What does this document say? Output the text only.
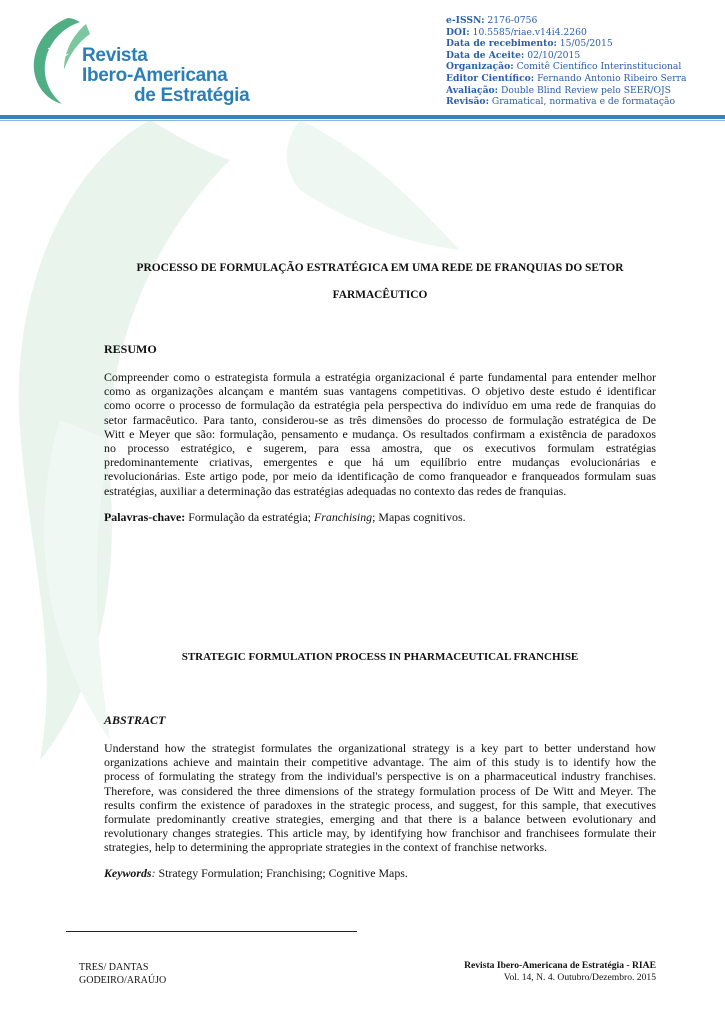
Revista
Ibero-Americana
de Estratégia
e-ISSN: 2176-0756
DOI: 10.5585/riae.v14i4.2260
Data de recebimento: 15/05/2015
Data de Aceite: 02/10/2015
Organização: Comitê Científico Interinstitucional
Editor Científico: Fernando Antonio Ribeiro Serra
Avaliação: Double Blind Review pelo SEER/OJS
Revisão: Gramatical, normativa e de formatação
PROCESSO DE FORMULAÇÃO ESTRATÉGICA EM UMA REDE DE FRANQUIAS DO SETOR
FARMACÊUTICO
RESUMO
Compreender como o estrategista formula a estratégia organizacional é parte fundamental para entender melhor
como as organizações alcançam e mantém suas vantagens competitivas. O objetivo deste estudo é identificar
como ocorre o processo de formulação da estratégia pela perspectiva do indivíduo em uma rede de franquias do
setor farmacêutico. Para tanto, considerou-se as três dimensões do processo de formulação estratégica de De
Witt e Meyer que são: formulação, pensamento e mudança. Os resultados confirmam a existência de paradoxos
no processo estratégico, e sugerem, para essa amostra, que os executivos formulam estratégias
predominantemente criativas, emergentes e que há um equilíbrio entre mudanças evolucionárias e
revolucionárias. Este artigo pode, por meio da identificação de como franqueador e franqueados formulam suas
estratégias, auxiliar a determinação das estratégias adequadas no contexto das redes de franquias.
Palavras-chave: Formulação da estratégia; Franchising; Mapas cognitivos.
STRATEGIC FORMULATION PROCESS IN PHARMACEUTICAL FRANCHISE
ABSTRACT
Understand how the strategist formulates the organizational strategy is a key part to better understand how
organizations achieve and maintain their competitive advantage. The aim of this study is to identify how the
process of formulating the strategy from the individual's perspective is on a pharmaceutical industry franchises.
Therefore, was considered the three dimensions of the strategy formulation process of De Witt and Meyer. The
results confirm the existence of paradoxes in the strategic process, and suggest, for this sample, that executives
formulate predominantly creative strategies, emerging and that there is a balance between evolutionary and
revolutionary changes strategies. This article may, by identifying how franchisor and franchisees formulate their
strategies, help to determining the appropriate strategies in the context of franchise networks.
Keywords: Strategy Formulation; Franchising; Cognitive Maps.
TRES/ DANTAS
GODEIRO/ARAÚJO
Revista Ibero-Americana de Estratégia - RIAE
Vol. 14, N. 4. Outubro/Dezembro. 2015
